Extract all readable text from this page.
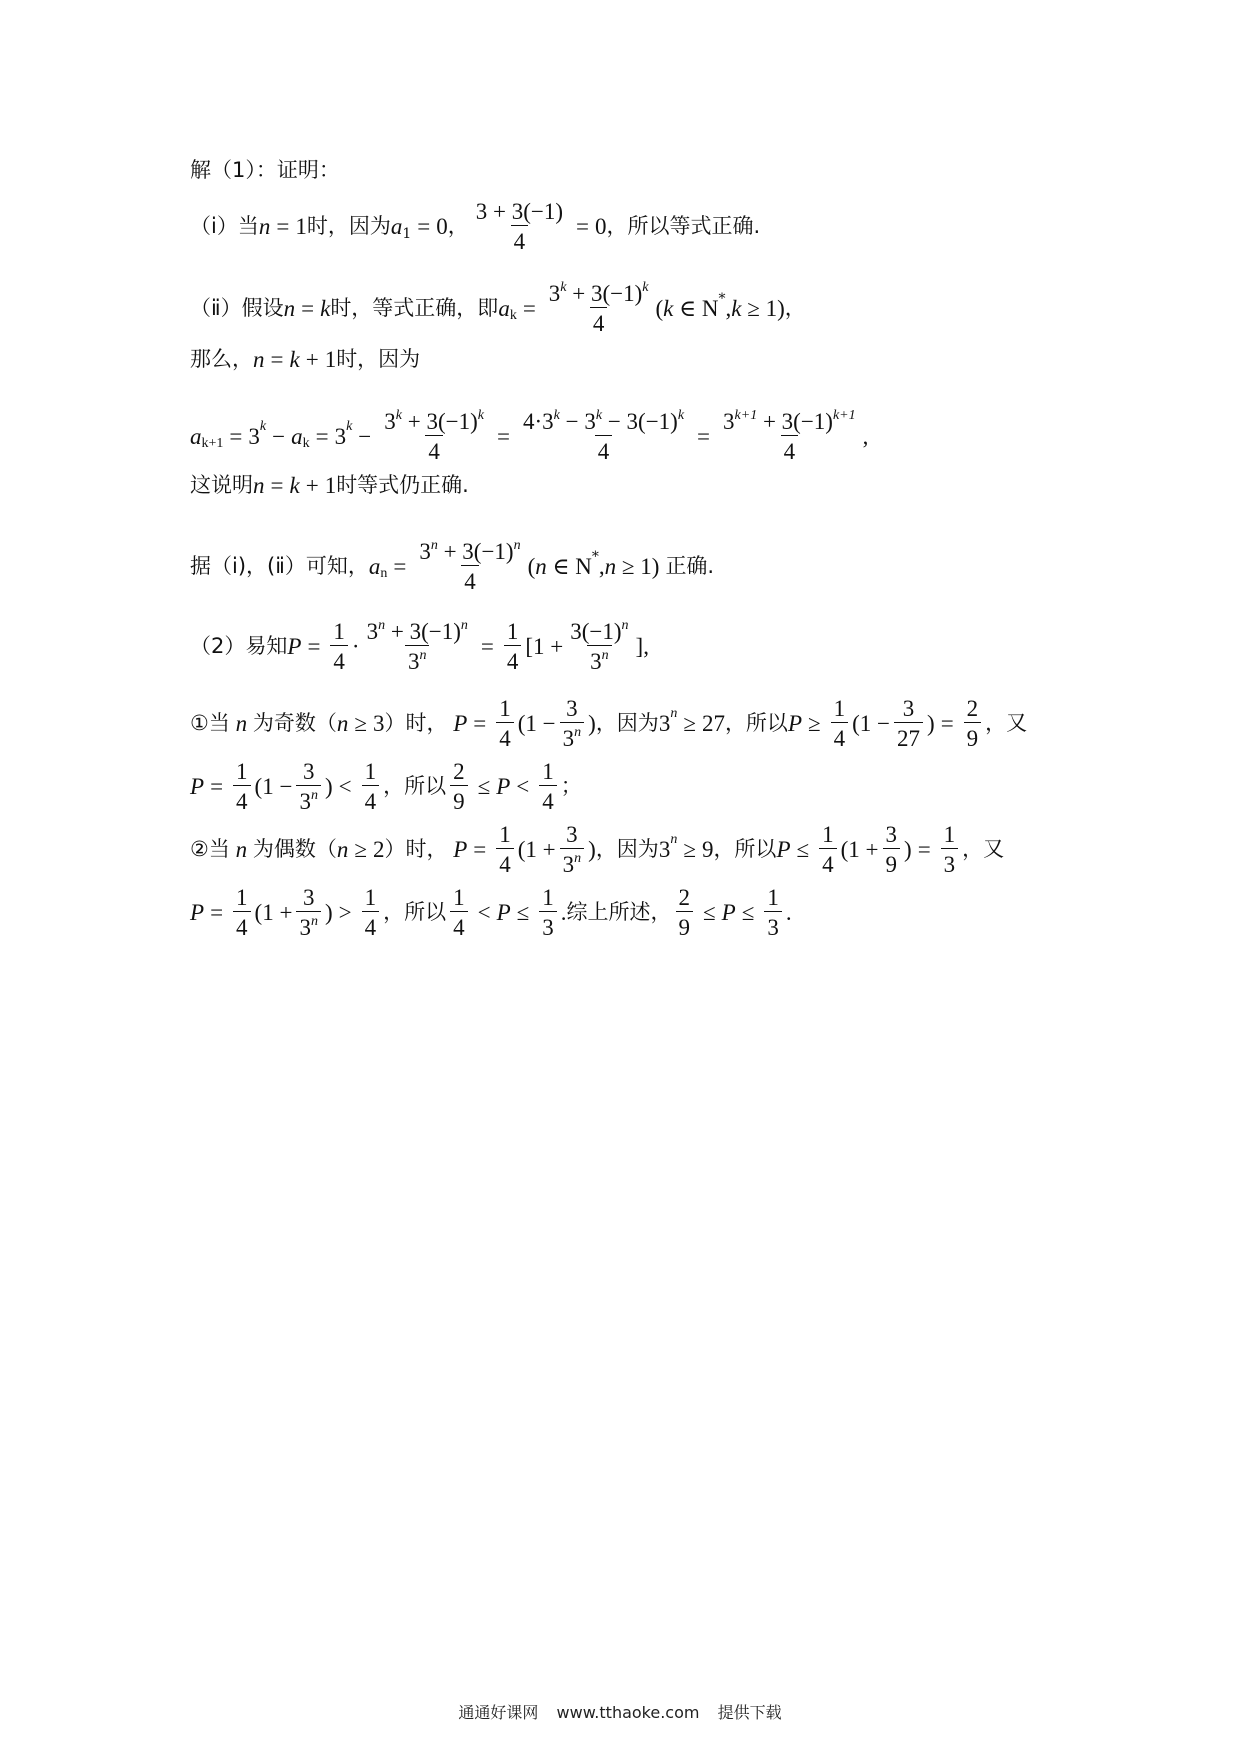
解（1）：证明：
（ⅰ）当 n = 1 时，因为 a 1 = 0 ， $\frac{3 + 3(-1)}{4} = 0$ ，所以等式正确.
（ⅱ）假设 n = k 时，等式正确，即 a $k = \frac{3^k + 3(-1)^k}{4}$ ( k ∈ N * , k ≥ 1) ，
那么， n = k + 1 时，因为
a k+1 = 3 k − a k = 3 $k - \frac{3^k + 3(-1)^k}{4} = \frac{4\cdot 3^k - 3^k - 3(-1)^k}{4} = \frac{3^{k+1} + 3(-1)^{k+1}}{4}$ ,
这说明 n = k + 1 时等式仍正确.
据（ⅰ)，(ⅱ）可知， a $n = \frac{3^n + 3(-1)^n}{4}$ ( n ∈ N * , n ≥ 1) 正确.
（2）易知 $P = \frac{1}{4} \cdot \frac{3^n + 3(-1)^n}{3^n} = \frac{1}{4} [1 + \frac{3(-1)^n}{3^n}$ ],
①当 n 为奇数（ n ≥ 3 ）时， $P = \frac{1}{4} (1 - \frac{3}{3^n}$ ) ，因为 3 n ≥ 27 ，所以 $P \ge \frac{1}{4} (1 - \frac{3}{27}$ ) = $\frac{2}{9}$ ，又
$P = \frac{1}{4} (1 - \frac{3}{3^n}$ ) < $\frac{1}{4}$ ，所以 $\frac{2}{9} \le P < \frac{1}{4}$ ；
②当 n 为偶数（ n ≥ 2 ）时， $P = \frac{1}{4} (1 + \frac{3}{3^n}$ ) ，因为 3 n ≥ 9 ，所以 $P \le \frac{1}{4} (1 + \frac{3}{9}$ ) = $\frac{1}{3}$ ，又
$P = \frac{1}{4} (1 + \frac{3}{3^n}$ ) > $\frac{1}{4}$ ，所以 $\frac{1}{4} < P \le \frac{1}{3}$ . 综上所述， $\frac{2}{9} \le P \le \frac{1}{3}$ .
通通好课网 www.tthaoke.com 提供下载
